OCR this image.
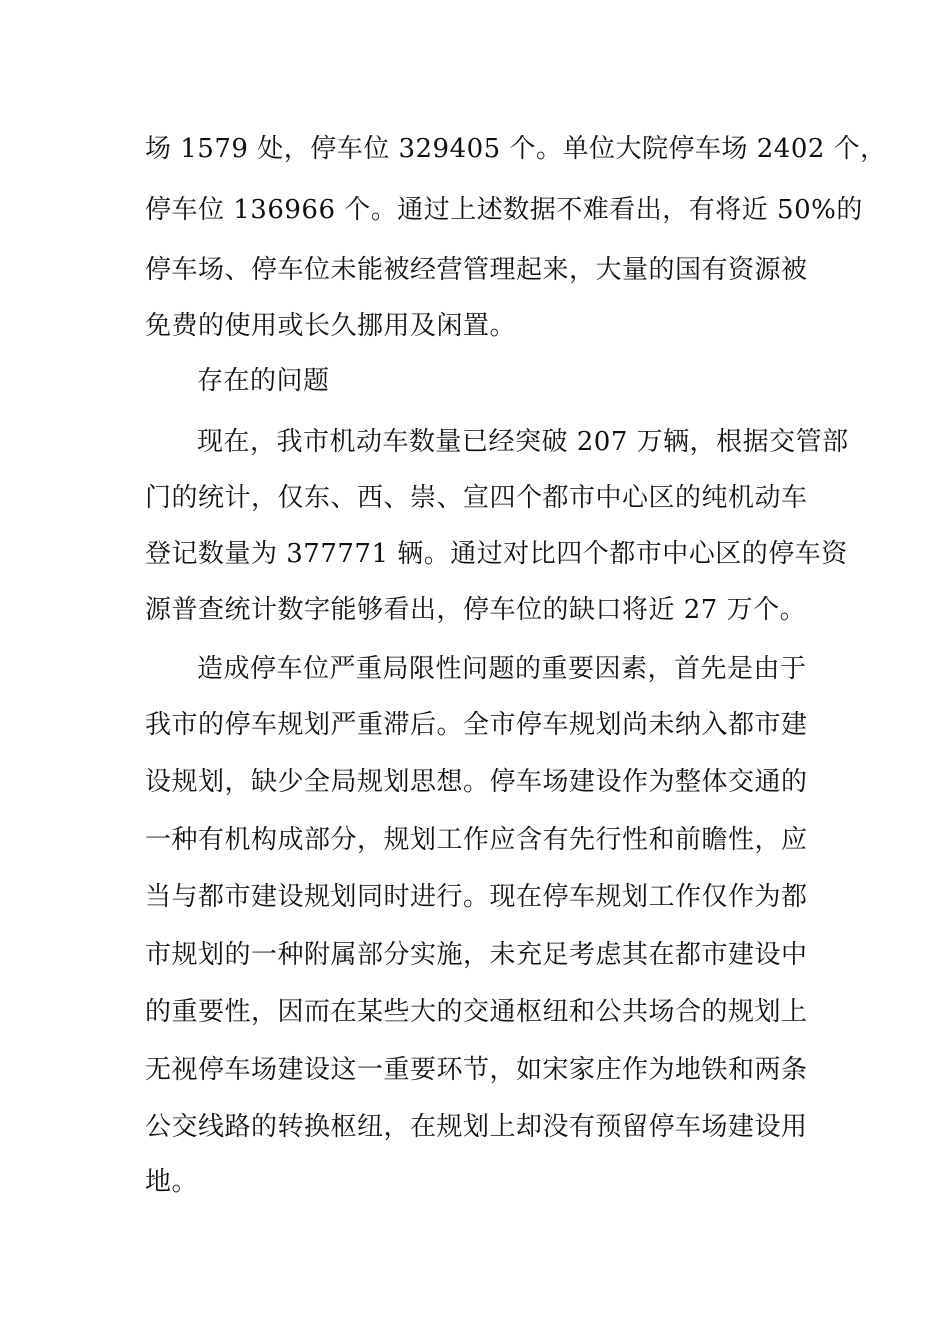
场 1579 处，停车位 329405 个。单位大院停车场 2402 个，
停车位 136966 个。通过上述数据不难看出，有将近 50%的
停车场、停车位未能被经营管理起来，大量的国有资源被
免费的使用或长久挪用及闲置。
存在的问题
现在，我市机动车数量已经突破 207 万辆，根据交管部
门的统计，仅东、西、崇、宣四个都市中心区的纯机动车
登记数量为 377771 辆。通过对比四个都市中心区的停车资
源普查统计数字能够看出，停车位的缺口将近 27 万个。
造成停车位严重局限性问题的重要因素，首先是由于
我市的停车规划严重滞后。全市停车规划尚未纳入都市建
设规划，缺少全局规划思想。停车场建设作为整体交通的
一种有机构成部分，规划工作应含有先行性和前瞻性，应
当与都市建设规划同时进行。现在停车规划工作仅作为都
市规划的一种附属部分实施，未充足考虑其在都市建设中
的重要性，因而在某些大的交通枢纽和公共场合的规划上
无视停车场建设这一重要环节，如宋家庄作为地铁和两条
公交线路的转换枢纽，在规划上却没有预留停车场建设用
地。
